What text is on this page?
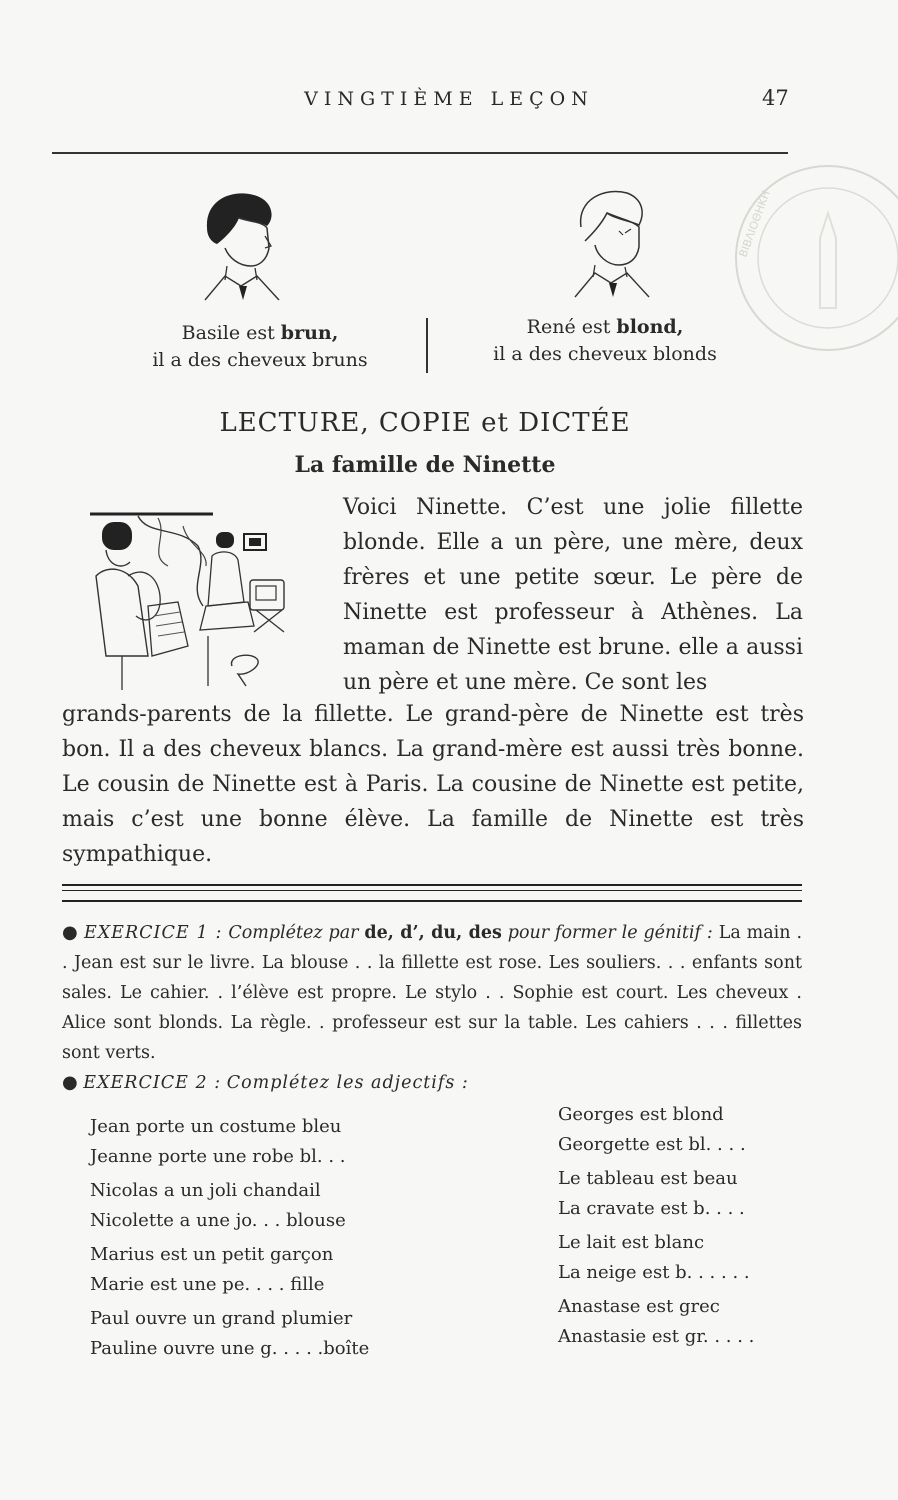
VINGTIÈME LEÇON	47
ΒΙΒΛΙΟΘΗΚΗ
Basile est brun,
il a des cheveux bruns
René est blond,
il a des cheveux blonds
LECTURE, COPIE et DICTÉE
La famille de Ninette
Voici Ninette. C’est une jolie fillette blonde. Elle a un père, une mère, deux frères et une petite sœur. Le père de Ninette est professeur à Athènes. La maman de Ninette est brune. elle a aussi un père et une mère. Ce sont les
grands-parents de la fillette. Le grand-père de Ninette est très bon. Il a des cheveux blancs. La grand-mère est aussi très bonne. Le cousin de Ninette est à Paris. La cousine de Ninette est petite, mais c’est une bonne élève. La famille de Ninette est très sympathique.
● EXERCICE 1 : Complétez par de, d’, du, des pour former le génitif : La main . . Jean est sur le livre. La blouse . . la fillette est rose. Les souliers. . . enfants sont sales. Le cahier. . l’élève est propre. Le stylo . . Sophie est court. Les cheveux . Alice sont blonds. La règle. . professeur est sur la table. Les cahiers . . . fillettes sont verts.
● EXERCICE 2 : Complétez les adjectifs :
Jean porte un costume bleu
Jeanne porte une robe bl. . .
Nicolas a un joli chandail
Nicolette a une jo. . . blouse
Marius est un petit garçon
Marie est une pe. . . . fille
Paul ouvre un grand plumier
Pauline ouvre une g. . . . .boîte
Georges est blond
Georgette est bl. . . .
Le tableau est beau
La cravate est b. . . .
Le lait est blanc
La neige est b. . . . . .
Anastase est grec
Anastasie est gr. . . . .
